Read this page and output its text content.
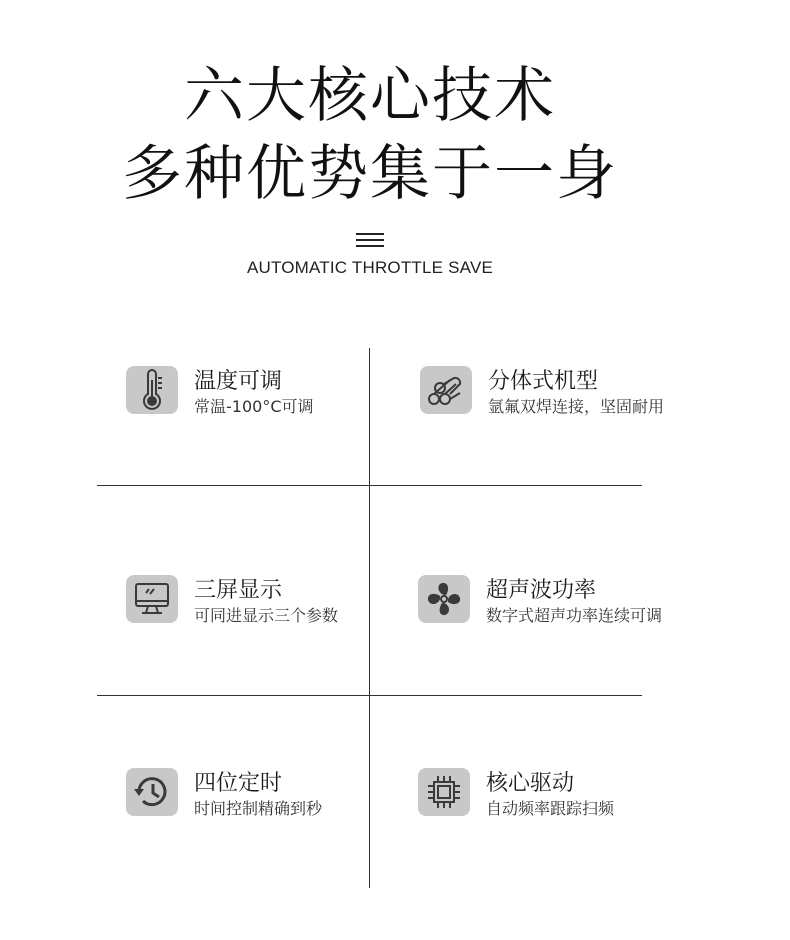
六大核心技术
多种优势集于一身
AUTOMATIC THROTTLE SAVE
温度可调
常温-100°C可调
分体式机型
氩氟双焊连接，坚固耐用
三屏显示
可同进显示三个参数
超声波功率
数字式超声功率连续可调
四位定时
时间控制精确到秒
核心驱动
自动频率跟踪扫频
